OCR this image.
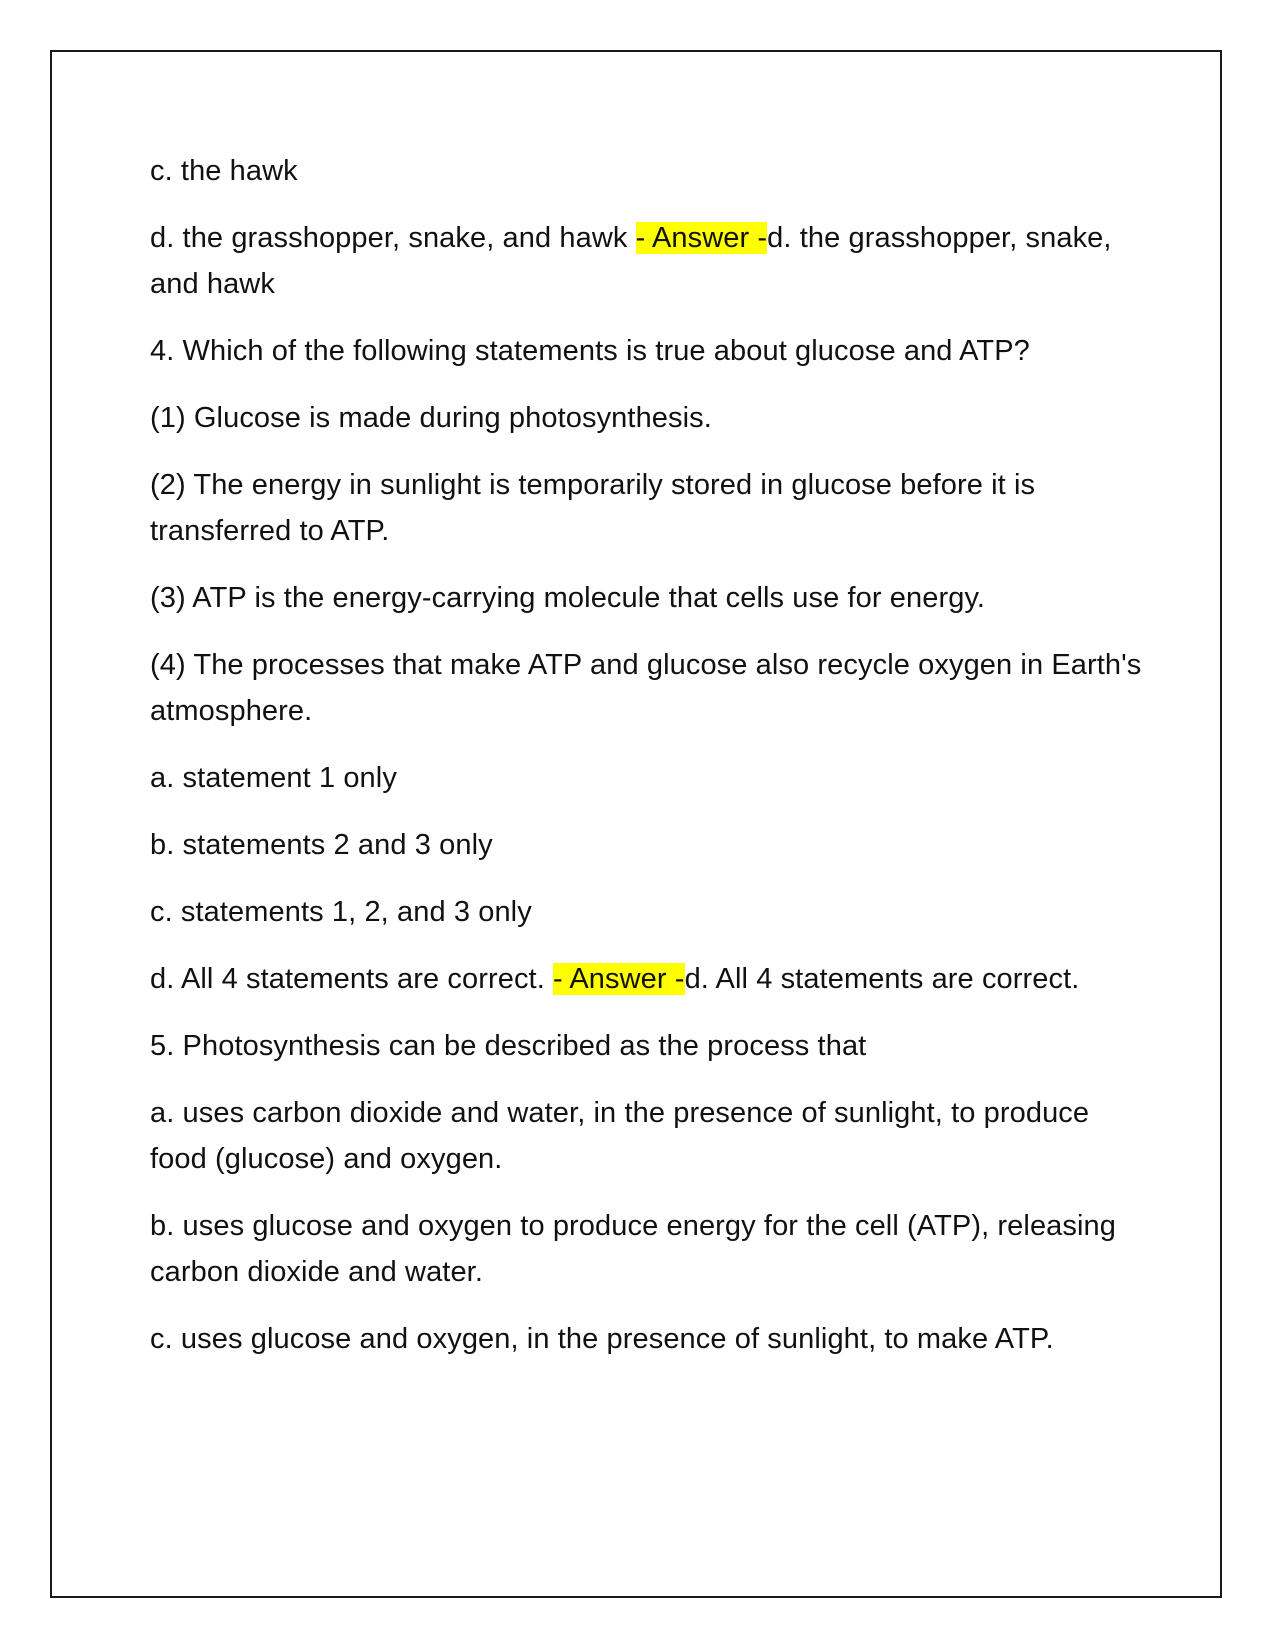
c. the hawk

d. the grasshopper, snake, and hawk - Answer -d. the grasshopper, snake, and hawk

4. Which of the following statements is true about glucose and ATP?

(1) Glucose is made during photosynthesis.

(2) The energy in sunlight is temporarily stored in glucose before it is transferred to ATP.

(3) ATP is the energy-carrying molecule that cells use for energy.

(4) The processes that make ATP and glucose also recycle oxygen in Earth's atmosphere.

a. statement 1 only

b. statements 2 and 3 only

c. statements 1, 2, and 3 only

d. All 4 statements are correct. - Answer -d. All 4 statements are correct.

5. Photosynthesis can be described as the process that

a. uses carbon dioxide and water, in the presence of sunlight, to produce food (glucose) and oxygen.

b. uses glucose and oxygen to produce energy for the cell (ATP), releasing carbon dioxide and water.

c. uses glucose and oxygen, in the presence of sunlight, to make ATP.
